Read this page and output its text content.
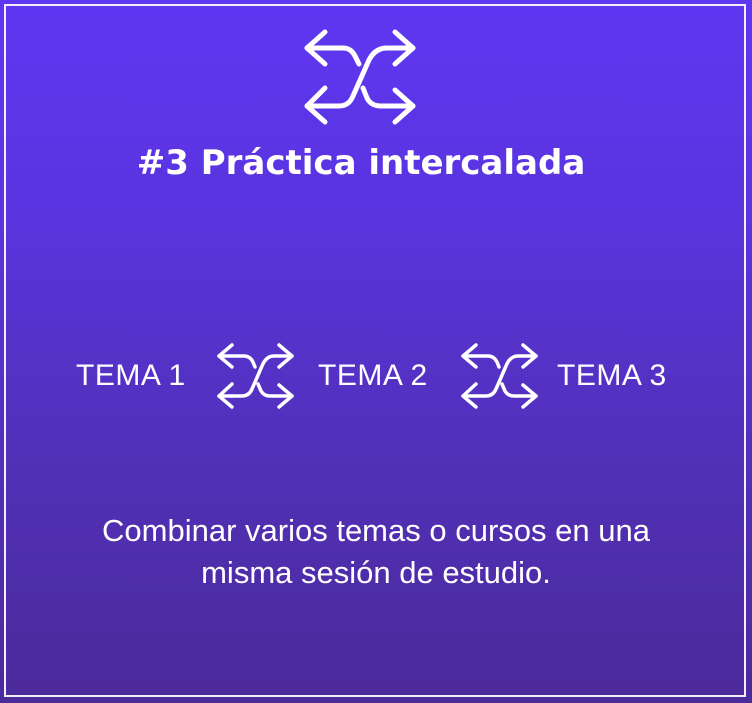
#3 Práctica intercalada
TEMA 1	TEMA 2	TEMA 3
Combinar varios temas o cursos en una
misma sesión de estudio.
